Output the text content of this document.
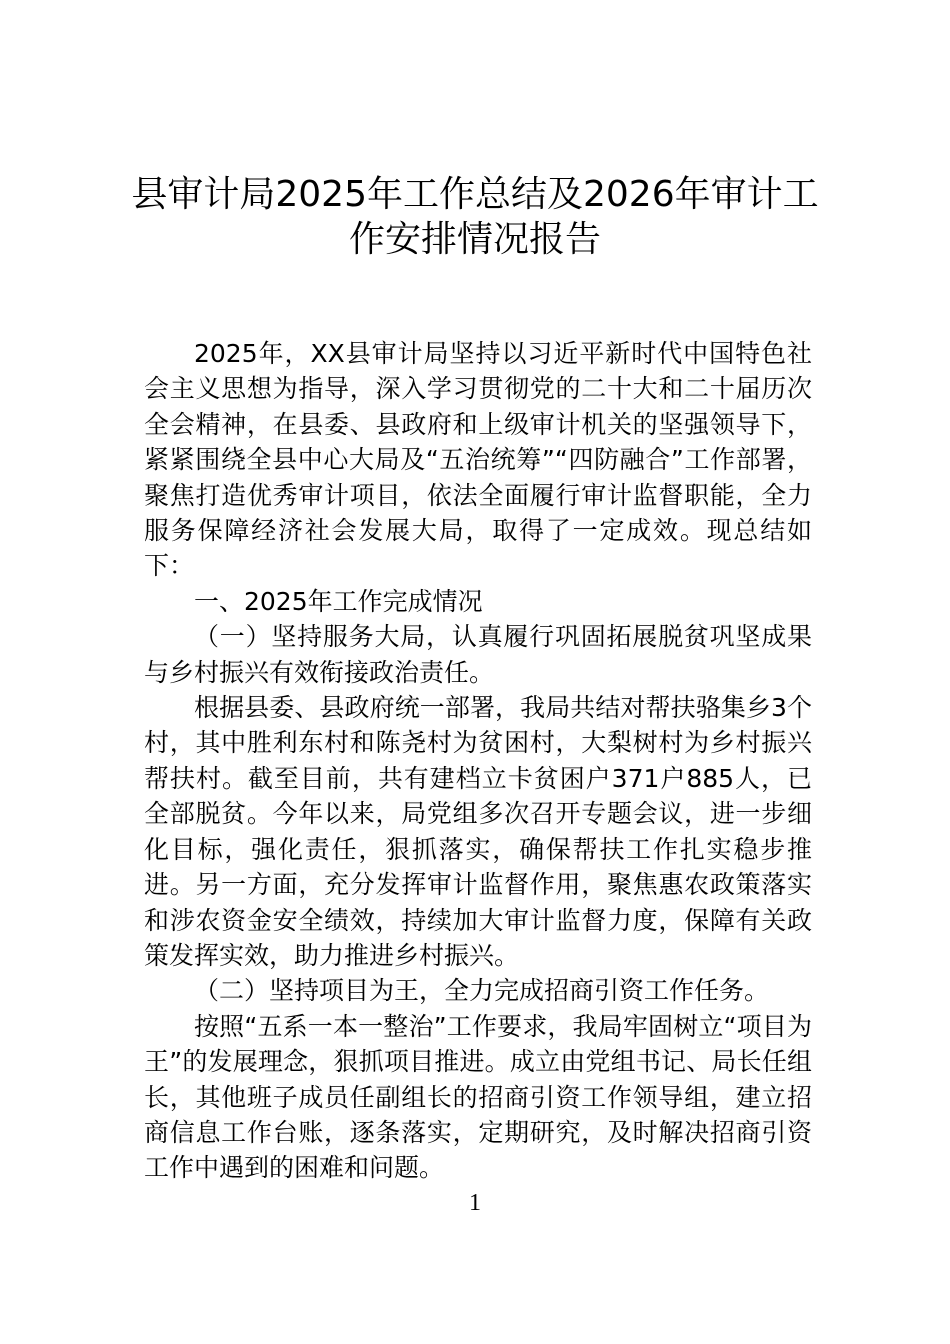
县审计局2025年工作总结及2026年审计工
作安排情况报告

2025年，XX县审计局坚持以习近平新时代中国特色社会主义思想为指导，深入学习贯彻党的二十大和二十届历次全会精神，在县委、县政府和上级审计机关的坚强领导下，紧紧围绕全县中心大局及“五治统筹”“四防融合”工作部署，聚焦打造优秀审计项目，依法全面履行审计监督职能，全力服务保障经济社会发展大局，取得了一定成效。现总结如下：

一、2025年工作完成情况

（一）坚持服务大局，认真履行巩固拓展脱贫巩坚成果与乡村振兴有效衔接政治责任。

根据县委、县政府统一部署，我局共结对帮扶骆集乡3个村，其中胜利东村和陈尧村为贫困村，大梨树村为乡村振兴帮扶村。截至目前，共有建档立卡贫困户371户885人，已全部脱贫。今年以来，局党组多次召开专题会议，进一步细化目标，强化责任，狠抓落实，确保帮扶工作扎实稳步推进。另一方面，充分发挥审计监督作用，聚焦惠农政策落实和涉农资金安全绩效，持续加大审计监督力度，保障有关政策发挥实效，助力推进乡村振兴。

（二）坚持项目为王，全力完成招商引资工作任务。

按照“五系一本一整治”工作要求，我局牢固树立“项目为王”的发展理念，狠抓项目推进。成立由党组书记、局长任组长，其他班子成员任副组长的招商引资工作领导组，建立招商信息工作台账，逐条落实，定期研究，及时解决招商引资工作中遇到的困难和问题。

1
